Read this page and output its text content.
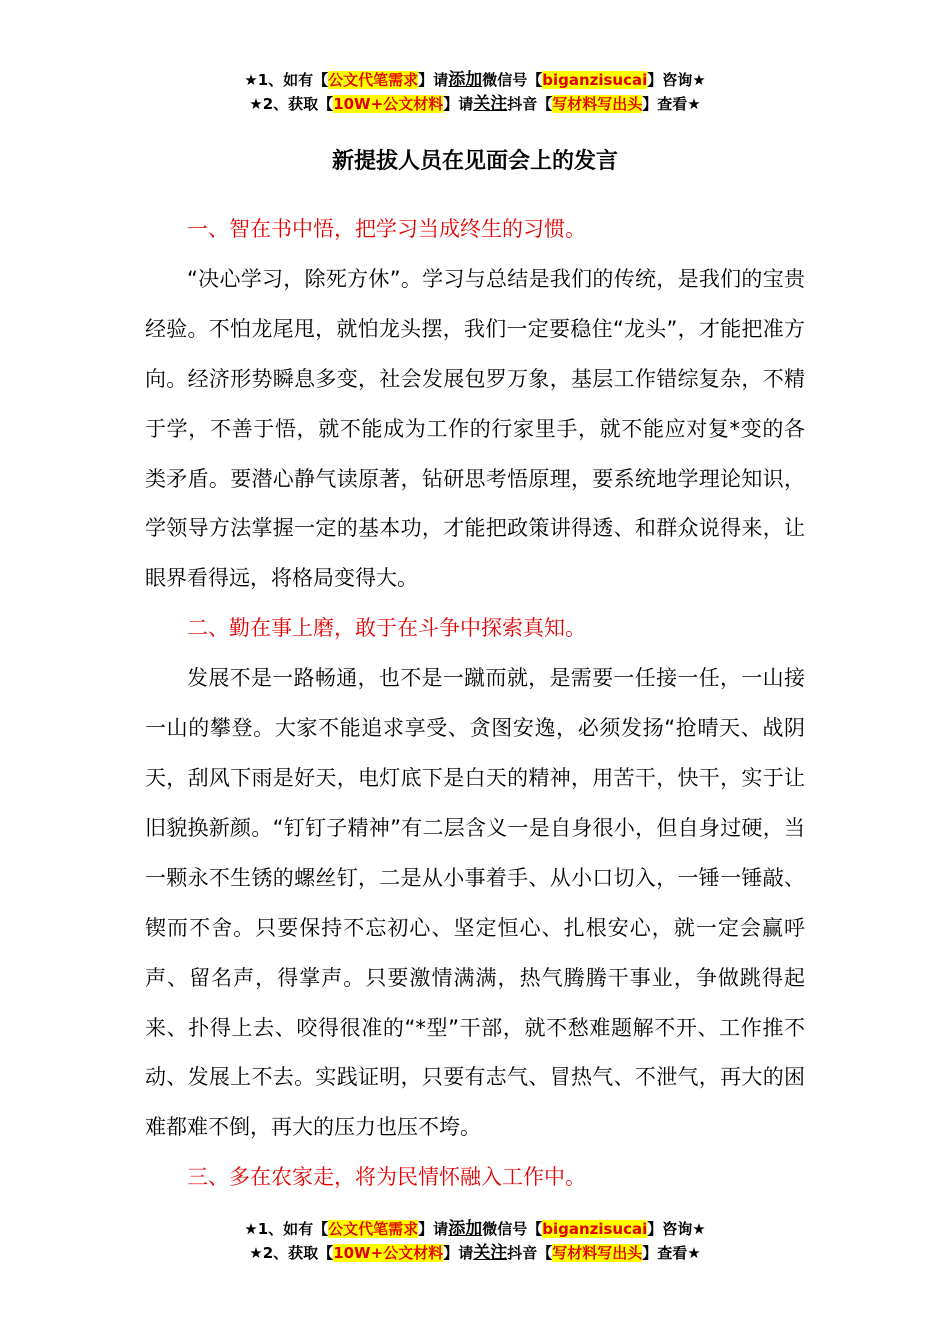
★1、如有【公文代笔需求】请添加微信号【biganzisucai】咨询★
★2、获取【10W+公文材料】请关注抖音【写材料写出头】查看★
新提拔人员在见面会上的发言

一、智在书中悟，把学习当成终生的习惯。

“决心学习，除死方休”。学习与总结是我们的传统，是我们的宝贵经验。不怕龙尾甩，就怕龙头摆，我们一定要稳住“龙头”，才能把准方向。经济形势瞬息多变，社会发展包罗万象，基层工作错综复杂，不精于学，不善于悟，就不能成为工作的行家里手，就不能应对复*变的各类矛盾。要潜心静气读原著，钻研思考悟原理，要系统地学理论知识，学领导方法掌握一定的基本功，才能把政策讲得透、和群众说得来，让眼界看得远，将格局变得大。

二、勤在事上磨，敢于在斗争中探索真知。

发展不是一路畅通，也不是一蹴而就，是需要一任接一任，一山接一山的攀登。大家不能追求享受、贪图安逸，必须发扬“抢晴天、战阴天，刮风下雨是好天，电灯底下是白天的精神，用苦干，快干，实于让旧貌换新颜。“钉钉子精神”有二层含义一是自身很小，但自身过硬，当一颗永不生锈的螺丝钉，二是从小事着手、从小口切入，一锤一锤敲、锲而不舍。只要保持不忘初心、坚定恒心、扎根安心，就一定会赢呼声、留名声，得掌声。只要激情满满，热气腾腾干事业，争做跳得起来、扑得上去、咬得很准的“*型”干部，就不愁难题解不开、工作推不动、发展上不去。实践证明，只要有志气、冒热气、不泄气，再大的困难都难不倒，再大的压力也压不垮。

三、多在农家走，将为民情怀融入工作中。

★1、如有【公文代笔需求】请添加微信号【biganzisucai】咨询★
★2、获取【10W+公文材料】请关注抖音【写材料写出头】查看★
